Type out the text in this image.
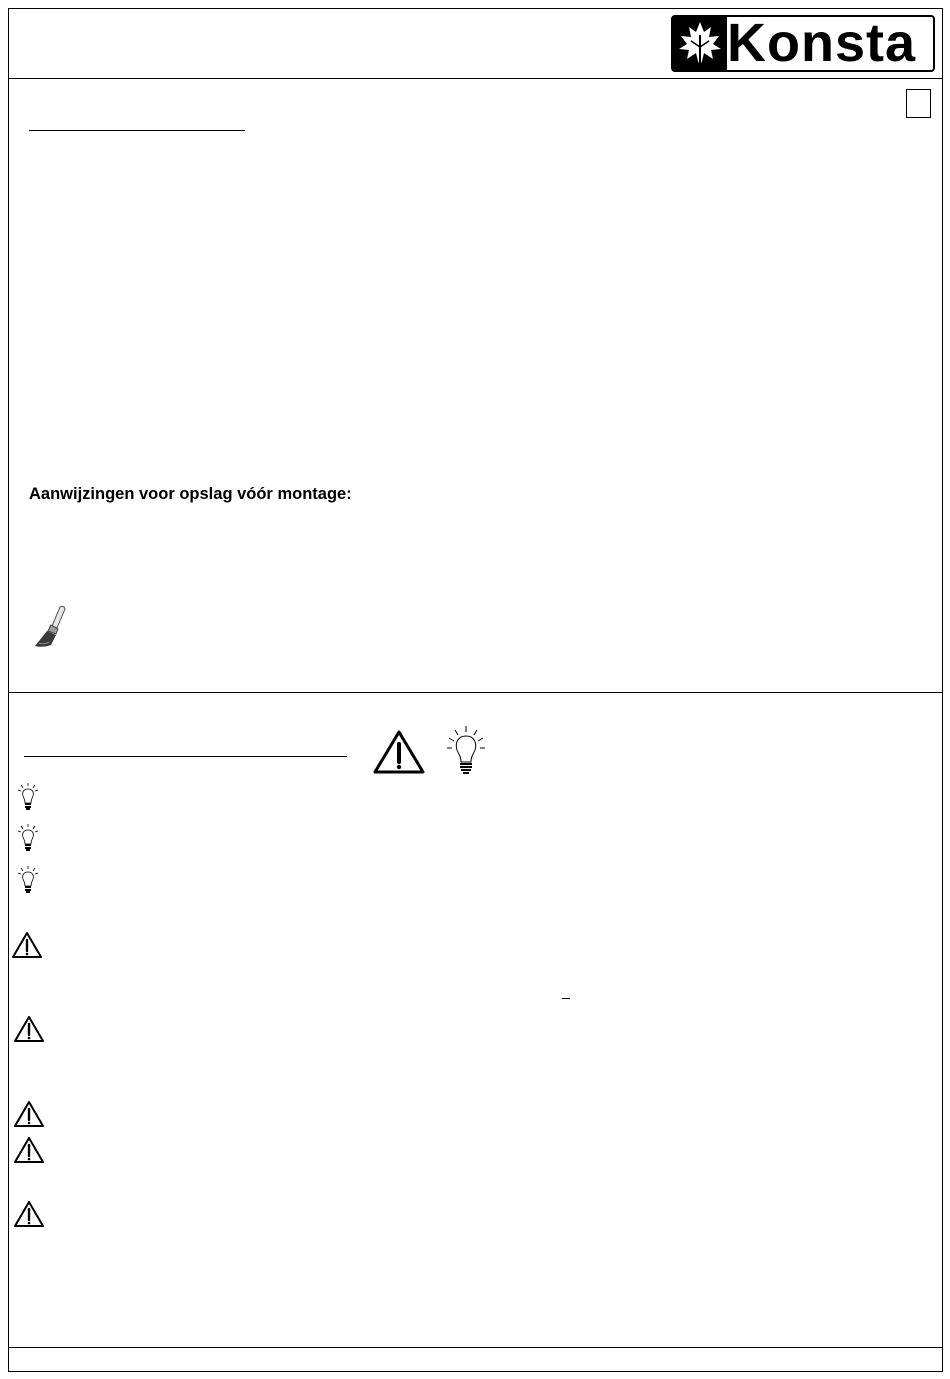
Konsta
Aanwijzingen voor opslag vóór montage:
